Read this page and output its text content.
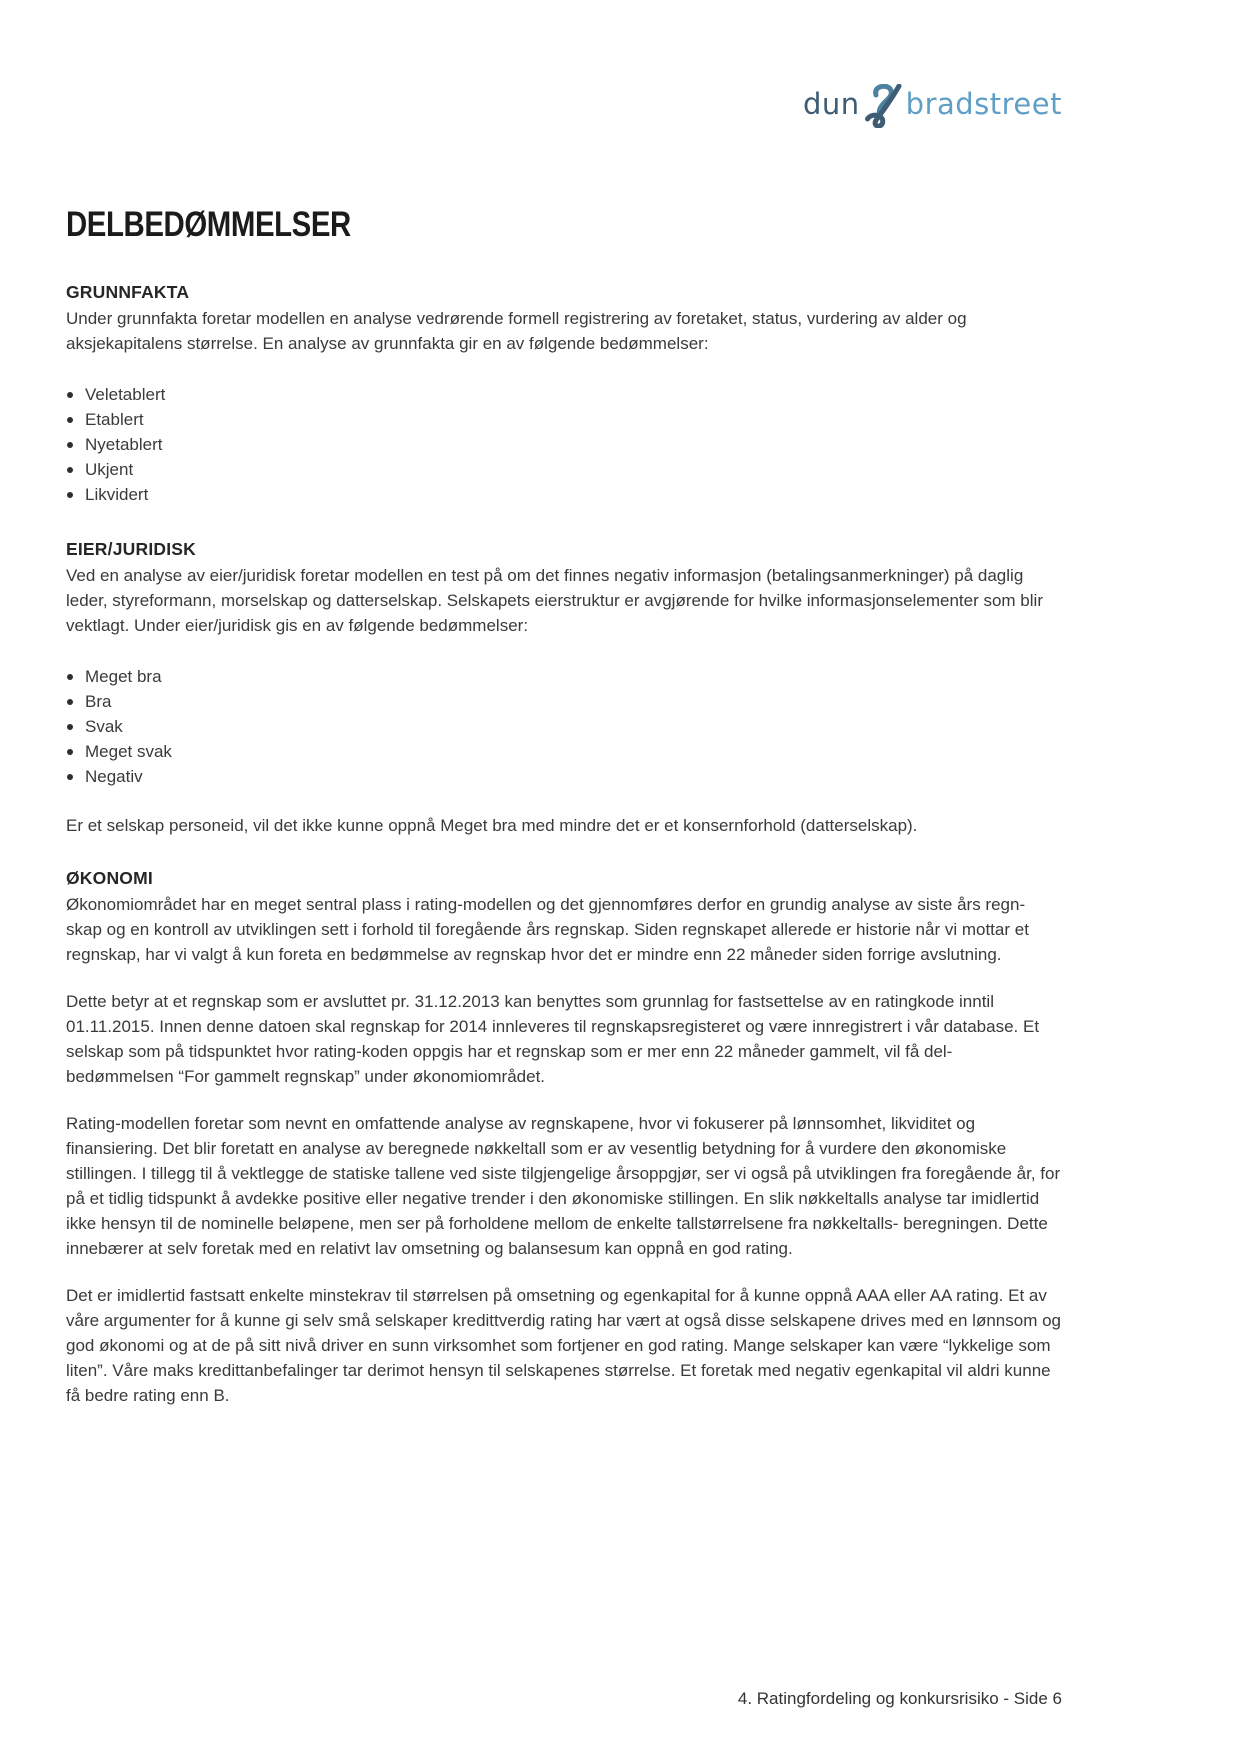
dun bradstreet
DELBEDØMMELSER
GRUNNFAKTA

Under grunnfakta foretar modellen en analyse vedrørende formell registrering av foretaket, status, vurdering av alder og aksjekapitalens størrelse. En analyse av grunnfakta gir en av følgende bedømmelser:

Veletablert
Etablert
Nyetablert
Ukjent
Likvidert
EIER/JURIDISK

Ved en analyse av eier/juridisk foretar modellen en test på om det finnes negativ informasjon (betalingsanmerkninger) på daglig leder, styreformann, morselskap og datterselskap. Selskapets eierstruktur er avgjørende for hvilke informasjonselementer som blir vektlagt. Under eier/juridisk gis en av følgende bedømmelser:

Meget bra
Bra
Svak
Meget svak
Negativ

Er et selskap personeid, vil det ikke kunne oppnå Meget bra med mindre det er et konsernforhold (datterselskap).

ØKONOMI

Økonomiområdet har en meget sentral plass i rating-modellen og det gjennomføres derfor en grundig analyse av siste års regn- skap og en kontroll av utviklingen sett i forhold til foregående års regnskap. Siden regnskapet allerede er historie når vi mottar et regnskap, har vi valgt å kun foreta en bedømmelse av regnskap hvor det er mindre enn 22 måneder siden forrige avslutning.

Dette betyr at et regnskap som er avsluttet pr. 31.12.2013 kan benyttes som grunnlag for fastsettelse av en ratingkode inntil 01.11.2015. Innen denne datoen skal regnskap for 2014 innleveres til regnskapsregisteret og være innregistrert i vår database. Et selskap som på tidspunktet hvor rating-koden oppgis har et regnskap som er mer enn 22 måneder gammelt, vil få del- bedømmelsen “For gammelt regnskap” under økonomiområdet.

Rating-modellen foretar som nevnt en omfattende analyse av regnskapene, hvor vi fokuserer på lønnsomhet, likviditet og finansiering. Det blir foretatt en analyse av beregnede nøkkeltall som er av vesentlig betydning for å vurdere den økonomiske stillingen. I tillegg til å vektlegge de statiske tallene ved siste tilgjengelige årsoppgjør, ser vi også på utviklingen fra foregående år, for på et tidlig tidspunkt å avdekke positive eller negative trender i den økonomiske stillingen. En slik nøkkeltalls analyse tar imidlertid ikke hensyn til de nominelle beløpene, men ser på forholdene mellom de enkelte tallstørrelsene fra nøkkeltalls- beregningen. Dette innebærer at selv foretak med en relativt lav omsetning og balansesum kan oppnå en god rating.

Det er imidlertid fastsatt enkelte minstekrav til størrelsen på omsetning og egenkapital for å kunne oppnå AAA eller AA rating. Et av våre argumenter for å kunne gi selv små selskaper kredittverdig rating har vært at også disse selskapene drives med en lønnsom og god økonomi og at de på sitt nivå driver en sunn virksomhet som fortjener en god rating. Mange selskaper kan være “lykkelige som liten”. Våre maks kredittanbefalinger tar derimot hensyn til selskapenes størrelse. Et foretak med negativ egenkapital vil aldri kunne få bedre rating enn B.

4. Ratingfordeling og konkursrisiko - Side 6
